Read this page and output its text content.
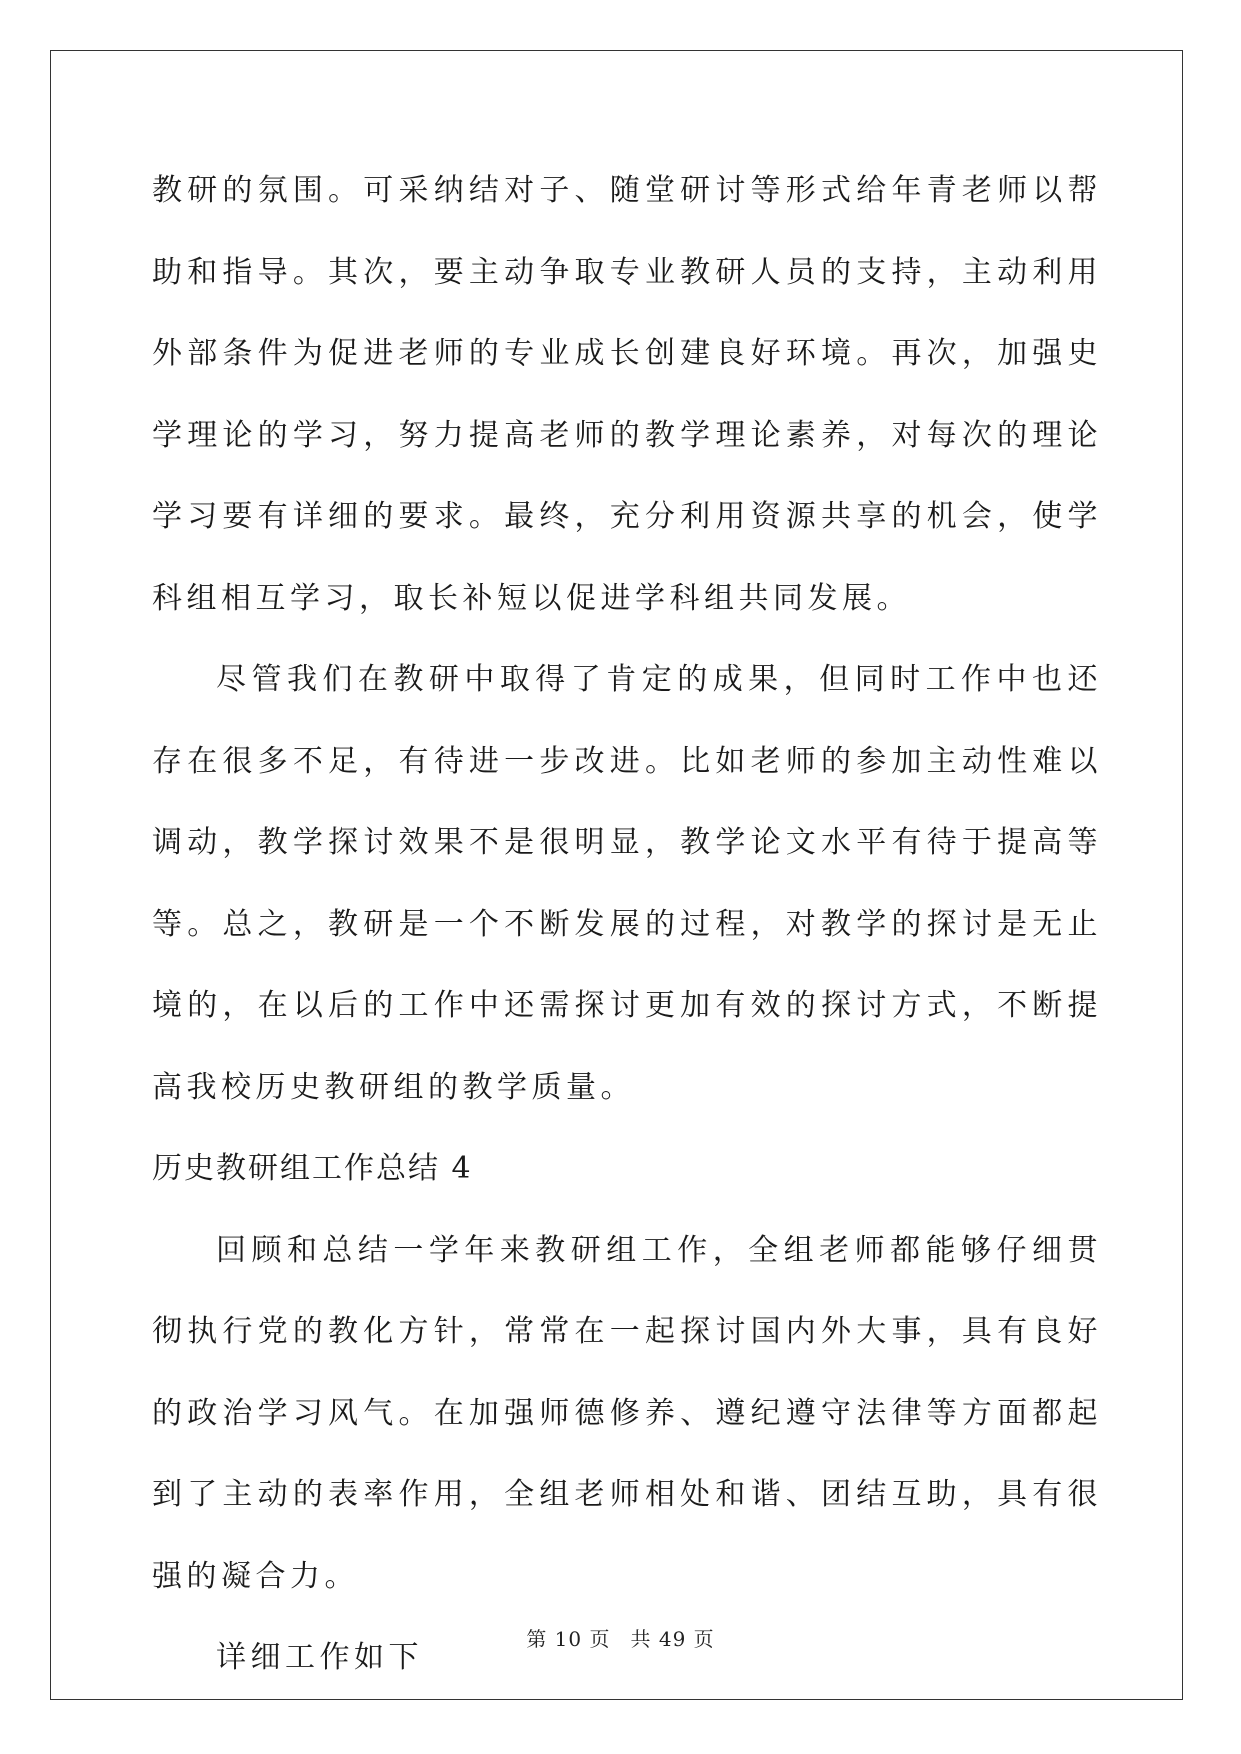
教研的氛围。可采纳结对子、随堂研讨等形式给年青老师以帮助和指导。其次，要主动争取专业教研人员的支持，主动利用外部条件为促进老师的专业成长创建良好环境。再次，加强史学理论的学习，努力提高老师的教学理论素养，对每次的理论学习要有详细的要求。最终，充分利用资源共享的机会，使学科组相互学习，取长补短以促进学科组共同发展。

尽管我们在教研中取得了肯定的成果，但同时工作中也还存在很多不足，有待进一步改进。比如老师的参加主动性难以调动，教学探讨效果不是很明显，教学论文水平有待于提高等等。总之，教研是一个不断发展的过程，对教学的探讨是无止境的，在以后的工作中还需探讨更加有效的探讨方式，不断提高我校历史教研组的教学质量。

历史教研组工作总结 4

回顾和总结一学年来教研组工作，全组老师都能够仔细贯彻执行党的教化方针，常常在一起探讨国内外大事，具有良好的政治学习风气。在加强师德修养、遵纪遵守法律等方面都起到了主动的表率作用，全组老师相处和谐、团结互助，具有很强的凝合力。

详细工作如下

第 10 页 共 49 页
